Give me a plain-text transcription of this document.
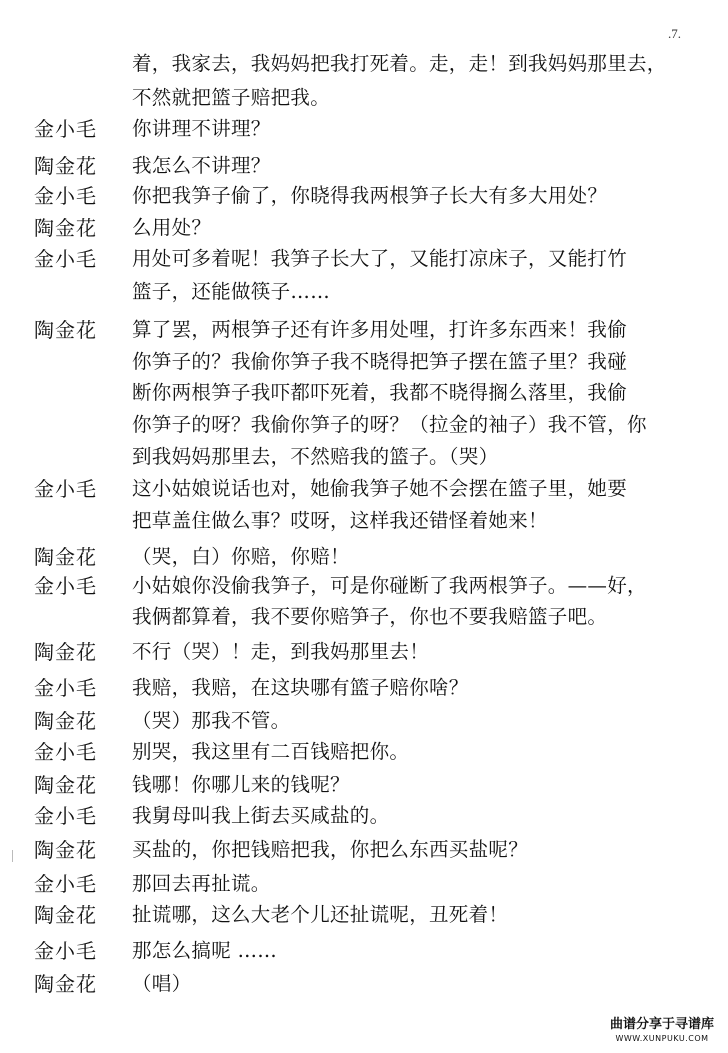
.7.
着，我家去，我妈妈把我打死着。走，走！到我妈妈那里去，
不然就把篮子赔把我。
金小毛	你讲理不讲理？
陶金花	我怎么不讲理？
金小毛	你把我笋子偷了，你晓得我两根笋子长大有多大用处？
陶金花	么用处？
金小毛	用处可多着呢！我笋子长大了，又能打凉床子，又能打竹
篮子，还能做筷子……
陶金花	算了罢，两根笋子还有许多用处哩，打许多东西来！我偷
你笋子的？我偷你笋子我不晓得把笋子摆在篮子里？我碰
断你两根笋子我吓都吓死着，我都不晓得搁么落里，我偷
你笋子的呀？我偷你笋子的呀？（拉金的袖子）我不管，你
到我妈妈那里去，不然赔我的篮子。（哭）
金小毛	这小姑娘说话也对，她偷我笋子她不会摆在篮子里，她要
把草盖住做么事？哎呀，这样我还错怪着她来！
陶金花	（哭，白）你赔，你赔！
金小毛	小姑娘你没偷我笋子，可是你碰断了我两根笋子。——好，
我俩都算着，我不要你赔笋子，你也不要我赔篮子吧。
陶金花	不行（哭）！走，到我妈那里去！
金小毛	我赔，我赔，在这块哪有篮子赔你啥？
陶金花	（哭）那我不管。
金小毛	别哭，我这里有二百钱赔把你。
陶金花	钱哪！你哪儿来的钱呢？
金小毛	我舅母叫我上街去买咸盐的。
陶金花	买盐的，你把钱赔把我，你把么东西买盐呢？
金小毛	那回去再扯谎。
陶金花	扯谎哪，这么大老个儿还扯谎呢，丑死着！
金小毛	那怎么搞呢 ……
陶金花	（唱）
曲谱分享于寻谱库
WWW.XUNPUKU.COM
